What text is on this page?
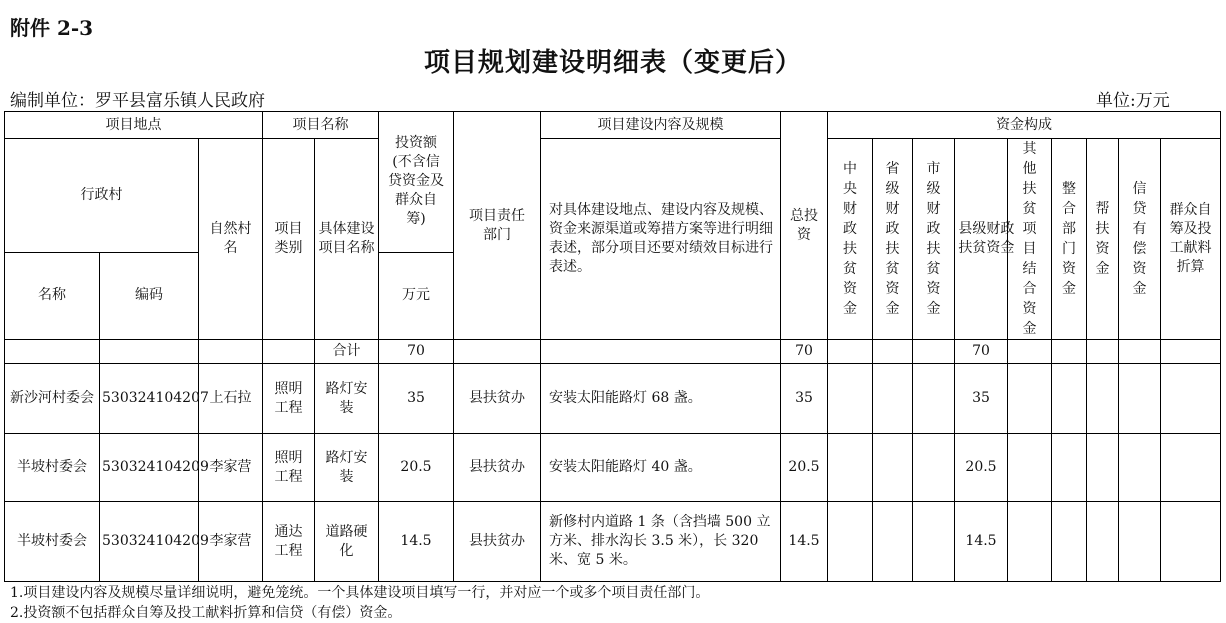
附件 2-3
项目规划建设明细表（变更后）
编制单位：罗平县富乐镇人民政府	单位:万元
项目地点			项目名称		投资额(不含信贷资金及群众自筹)	项目责任部门	项目建设内容及规模	总投资	资金构成								
行政村		自然村名	项目类别	具体建设项目名称			对具体建设地点、建设内容及规模、资金来源渠道或筹措方案等进行明细表述，部分项目还要对绩效目标进行表述。		中央财政扶贫资金	省级财政扶贫资金	市级财政扶贫资金	县级财政扶贫资金	其他扶贫项目结合资金	整合部门资金	帮扶资金	信贷有偿资金	群众自筹及投工献料折算
名称	编码				万元												
				合计	70			70				70					
新沙河村委会	530324104207	上石拉	照明工程	路灯安装	35	县扶贫办	安装太阳能路灯 68 盏。	35				35					
半坡村委会	530324104209	李家营	照明工程	路灯安装	20.5	县扶贫办	安装太阳能路灯 40 盏。	20.5				20.5					
半坡村委会	530324104209	李家营	通达工程	道路硬化	14.5	县扶贫办	新修村内道路 1 条（含挡墙 500 立方米、排水沟长 3.5 米），长 320 米、宽 5 米。	14.5				14.5					
1.项目建设内容及规模尽量详细说明，避免笼统。一个具体建设项目填写一行，并对应一个或多个项目责任部门。
2.投资额不包括群众自筹及投工献料折算和信贷（有偿）资金。
